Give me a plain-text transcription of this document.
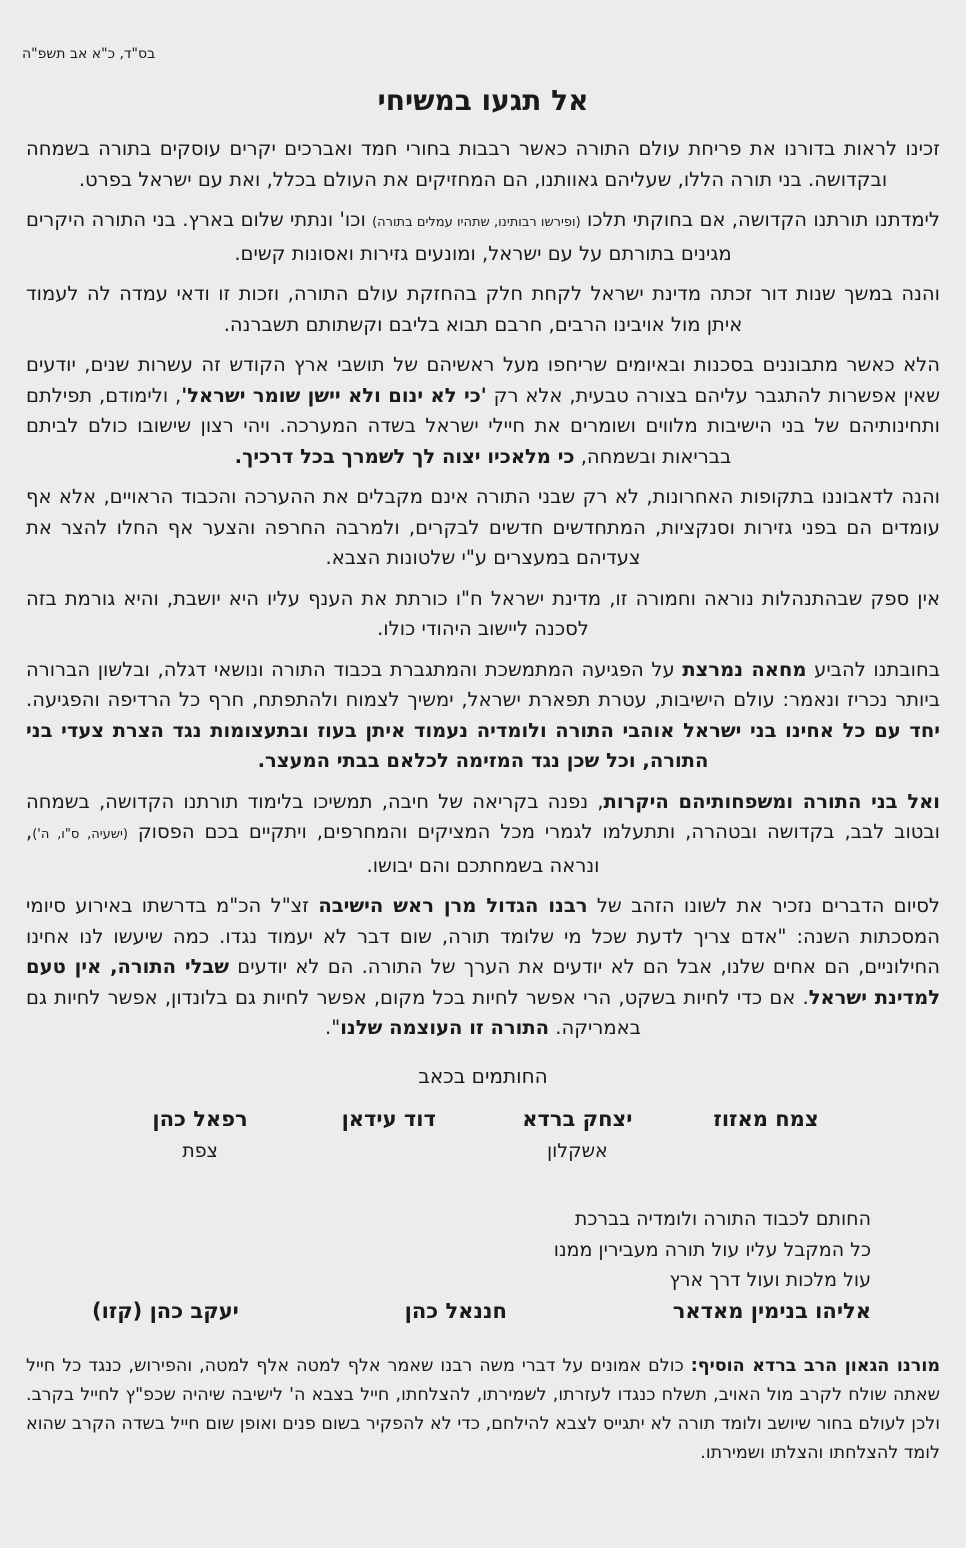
בס"ד, כ"א אב תשפ"ה
אל תגעו במשיחי

זכינו לראות בדורנו את פריחת עולם התורה כאשר רבבות בחורי חמד ואברכים יקרים עוסקים בתורה בשמחה ובקדושה. בני תורה הללו, שעליהם גאוותנו, הם המחזיקים את העולם בכלל, ואת עם ישראל בפרט.

לימדתנו תורתנו הקדושה, אם בחוקתי תלכו (ופירשו רבותינו, שתהיו עמלים בתורה) וכו' ונתתי שלום בארץ. בני התורה היקרים מגינים בתורתם על עם ישראל, ומונעים גזירות ואסונות קשים.

והנה במשך שנות דור זכתה מדינת ישראל לקחת חלק בהחזקת עולם התורה, וזכות זו ודאי עמדה לה לעמוד איתן מול אויבינו הרבים, חרבם תבוא בליבם וקשתותם תשברנה.

הלא כאשר מתבוננים בסכנות ובאיומים שריחפו מעל ראשיהם של תושבי ארץ הקודש זה עשרות שנים, יודעים שאין אפשרות להתגבר עליהם בצורה טבעית, אלא רק 'כי לא ינום ולא יישן שומר ישראל', ולימודם, תפילתם ותחינותיהם של בני הישיבות מלווים ושומרים את חיילי ישראל בשדה המערכה. ויהי רצון שישובו כולם לביתם בבריאות ובשמחה, כי מלאכיו יצוה לך לשמרך בכל דרכיך.

והנה לדאבוננו בתקופות האחרונות, לא רק שבני התורה אינם מקבלים את ההערכה והכבוד הראויים, אלא אף עומדים הם בפני גזירות וסנקציות, המתחדשים חדשים לבקרים, ולמרבה החרפה והצער אף החלו להצר את צעדיהם במעצרים ע"י שלטונות הצבא.

אין ספק שבהתנהלות נוראה וחמורה זו, מדינת ישראל ח"ו כורתת את הענף עליו היא יושבת, והיא גורמת בזה לסכנה ליישוב היהודי כולו.

בחובתנו להביע מחאה נמרצת על הפגיעה המתמשכת והמתגברת בכבוד התורה ונושאי דגלה, ובלשון הברורה ביותר נכריז ונאמר: עולם הישיבות, עטרת תפארת ישראל, ימשיך לצמוח ולהתפתח, חרף כל הרדיפה והפגיעה. יחד עם כל אחינו בני ישראל אוהבי התורה ולומדיה נעמוד איתן בעוז ובתעצומות נגד הצרת צעדי בני התורה, וכל שכן נגד המזימה לכלאם בבתי המעצר.

ואל בני התורה ומשפחותיהם היקרות, נפנה בקריאה של חיבה, תמשיכו בלימוד תורתנו הקדושה, בשמחה ובטוב לבב, בקדושה ובטהרה, ותתעלמו לגמרי מכל המציקים והמחרפים, ויתקיים בכם הפסוק (ישעיה, ס"ו, ה'), ונראה בשמחתכם והם יבושו.

לסיום הדברים נזכיר את לשונו הזהב של רבנו הגדול מרן ראש הישיבה זצ"ל הכ"מ בדרשתו באירוע סיומי המסכתות השנה: "אדם צריך לדעת שכל מי שלומד תורה, שום דבר לא יעמוד נגדו. כמה שיעשו לנו אחינו החילוניים, הם אחים שלנו, אבל הם לא יודעים את הערך של התורה. הם לא יודעים שבלי התורה, אין טעם למדינת ישראל. אם כדי לחיות בשקט, הרי אפשר לחיות בכל מקום, אפשר לחיות גם בלונדון, אפשר לחיות גם באמריקה. התורה זו העוצמה שלנו".

החותמים בכאב
צמח מאזוז
יצחק ברדא
אשקלון
דוד עידאן
רפאל כהן
צפת
החותם לכבוד התורה ולומדיה בברכת
כל המקבל עליו עול תורה מעבירין ממנו
עול מלכות ועול דרך ארץ
אליהו בנימין מאדאר
חננאל כהן
יעקב כהן (קזו)

מורנו הגאון הרב ברדא הוסיף: כולם אמונים על דברי משה רבנו שאמר אלף למטה אלף למטה, והפירוש, כנגד כל חייל שאתה שולח לקרב מול האויב, תשלח כנגדו לעזרתו, לשמירתו, להצלחתו, חייל בצבא ה' לישיבה שיהיה שכפ"ץ לחייל בקרב. ולכן לעולם בחור שיושב ולומד תורה לא יתגייס לצבא להילחם, כדי לא להפקיר בשום פנים ואופן שום חייל בשדה הקרב שהוא לומד להצלחתו והצלתו ושמירתו.
